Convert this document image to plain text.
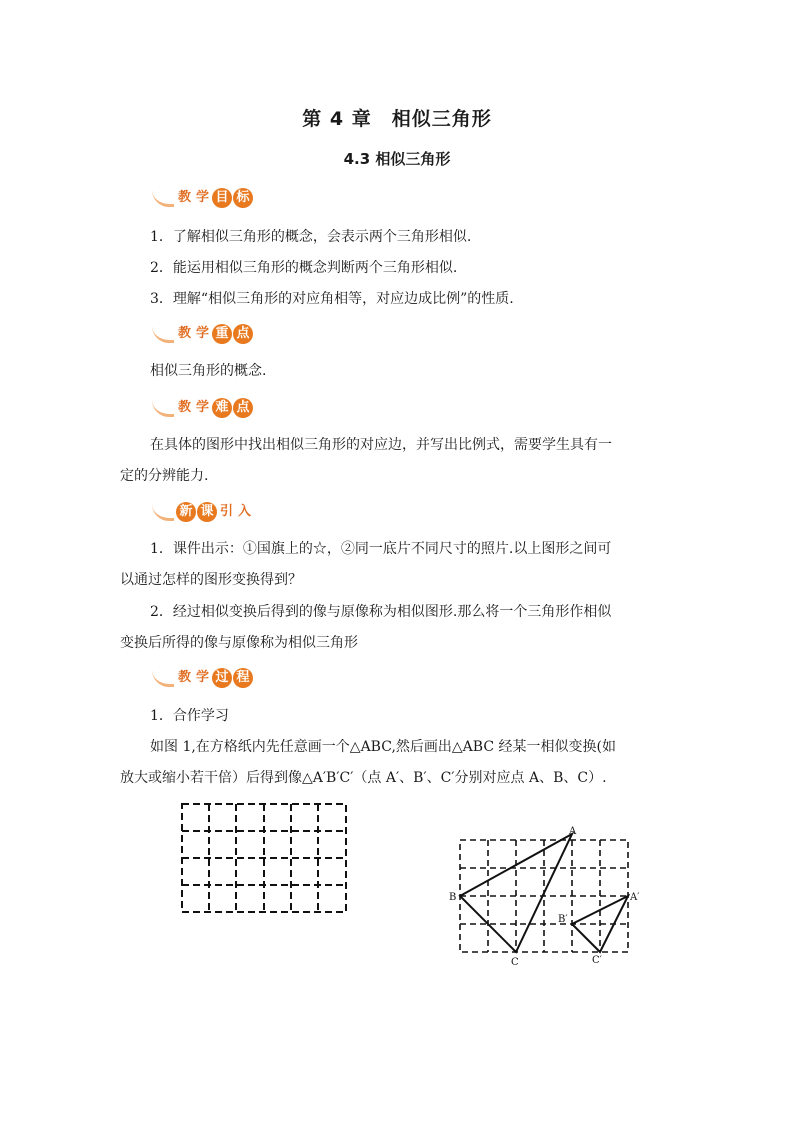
第 4 章　相似三角形
4.3 相似三角形
教 学 目 标
1．了解相似三角形的概念，会表示两个三角形相似.
2．能运用相似三角形的概念判断两个三角形相似.
3．理解“相似三角形的对应角相等，对应边成比例”的性质.
教 学 重 点
相似三角形的概念.
教 学 难 点
在具体的图形中找出相似三角形的对应边，并写出比例式，需要学生具有一
定的分辨能力.
新 课 引 入
1．课件出示：①国旗上的☆，②同一底片不同尺寸的照片.以上图形之间可
以通过怎样的图形变换得到？
2．经过相似变换后得到的像与原像称为相似图形.那么将一个三角形作相似
变换后所得的像与原像称为相似三角形
教 学 过 程
1．合作学习
如图 1,在方格纸内先任意画一个△ABC,然后画出△ABC 经某一相似变换(如
放大或缩小若干倍）后得到像△A′B′C′（点 A′、B′、C′分别对应点 A、B、C）.
A
B
C
A′
B′
C′
